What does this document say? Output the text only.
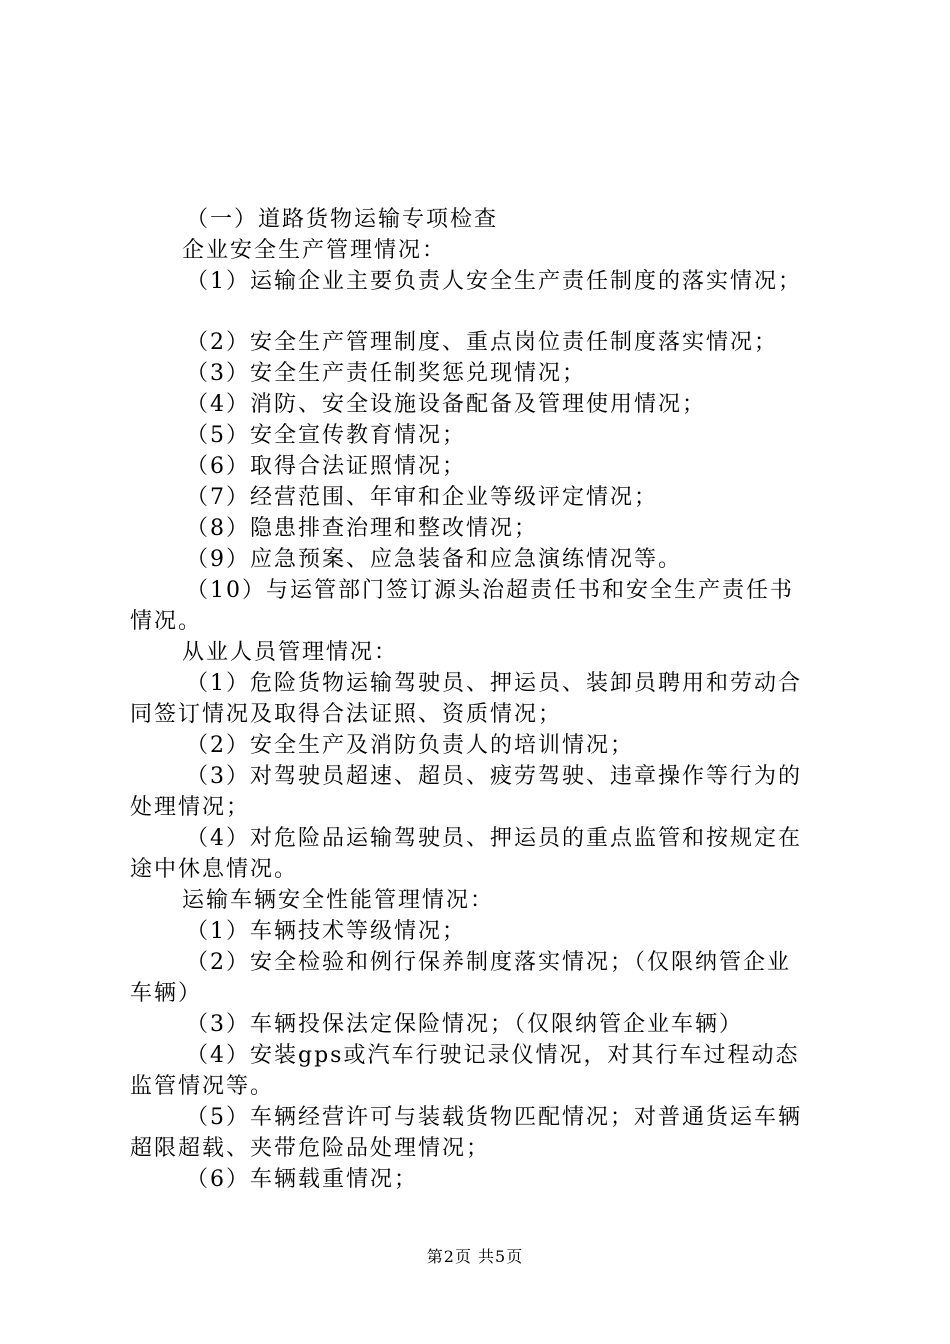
（一）道路货物运输专项检查
企业安全生产管理情况：
（1）运输企业主要负责人安全生产责任制度的落实情况；
（2）安全生产管理制度、重点岗位责任制度落实情况；
（3）安全生产责任制奖惩兑现情况；
（4）消防、安全设施设备配备及管理使用情况；
（5）安全宣传教育情况；
（6）取得合法证照情况；
（7）经营范围、年审和企业等级评定情况；
（8）隐患排查治理和整改情况；
（9）应急预案、应急装备和应急演练情况等。
（10）与运管部门签订源头治超责任书和安全生产责任书
情况。
从业人员管理情况：
（1）危险货物运输驾驶员、押运员、装卸员聘用和劳动合
同签订情况及取得合法证照、资质情况；
（2）安全生产及消防负责人的培训情况；
（3）对驾驶员超速、超员、疲劳驾驶、违章操作等行为的
处理情况；
（4）对危险品运输驾驶员、押运员的重点监管和按规定在
途中休息情况。
运输车辆安全性能管理情况：
（1）车辆技术等级情况；
（2）安全检验和例行保养制度落实情况；（仅限纳管企业
车辆）
（3）车辆投保法定保险情况；（仅限纳管企业车辆）
（4）安装gps或汽车行驶记录仪情况，对其行车过程动态
监管情况等。
（5）车辆经营许可与装载货物匹配情况；对普通货运车辆
超限超载、夹带危险品处理情况；
（6）车辆载重情况；
第2页 共5页
